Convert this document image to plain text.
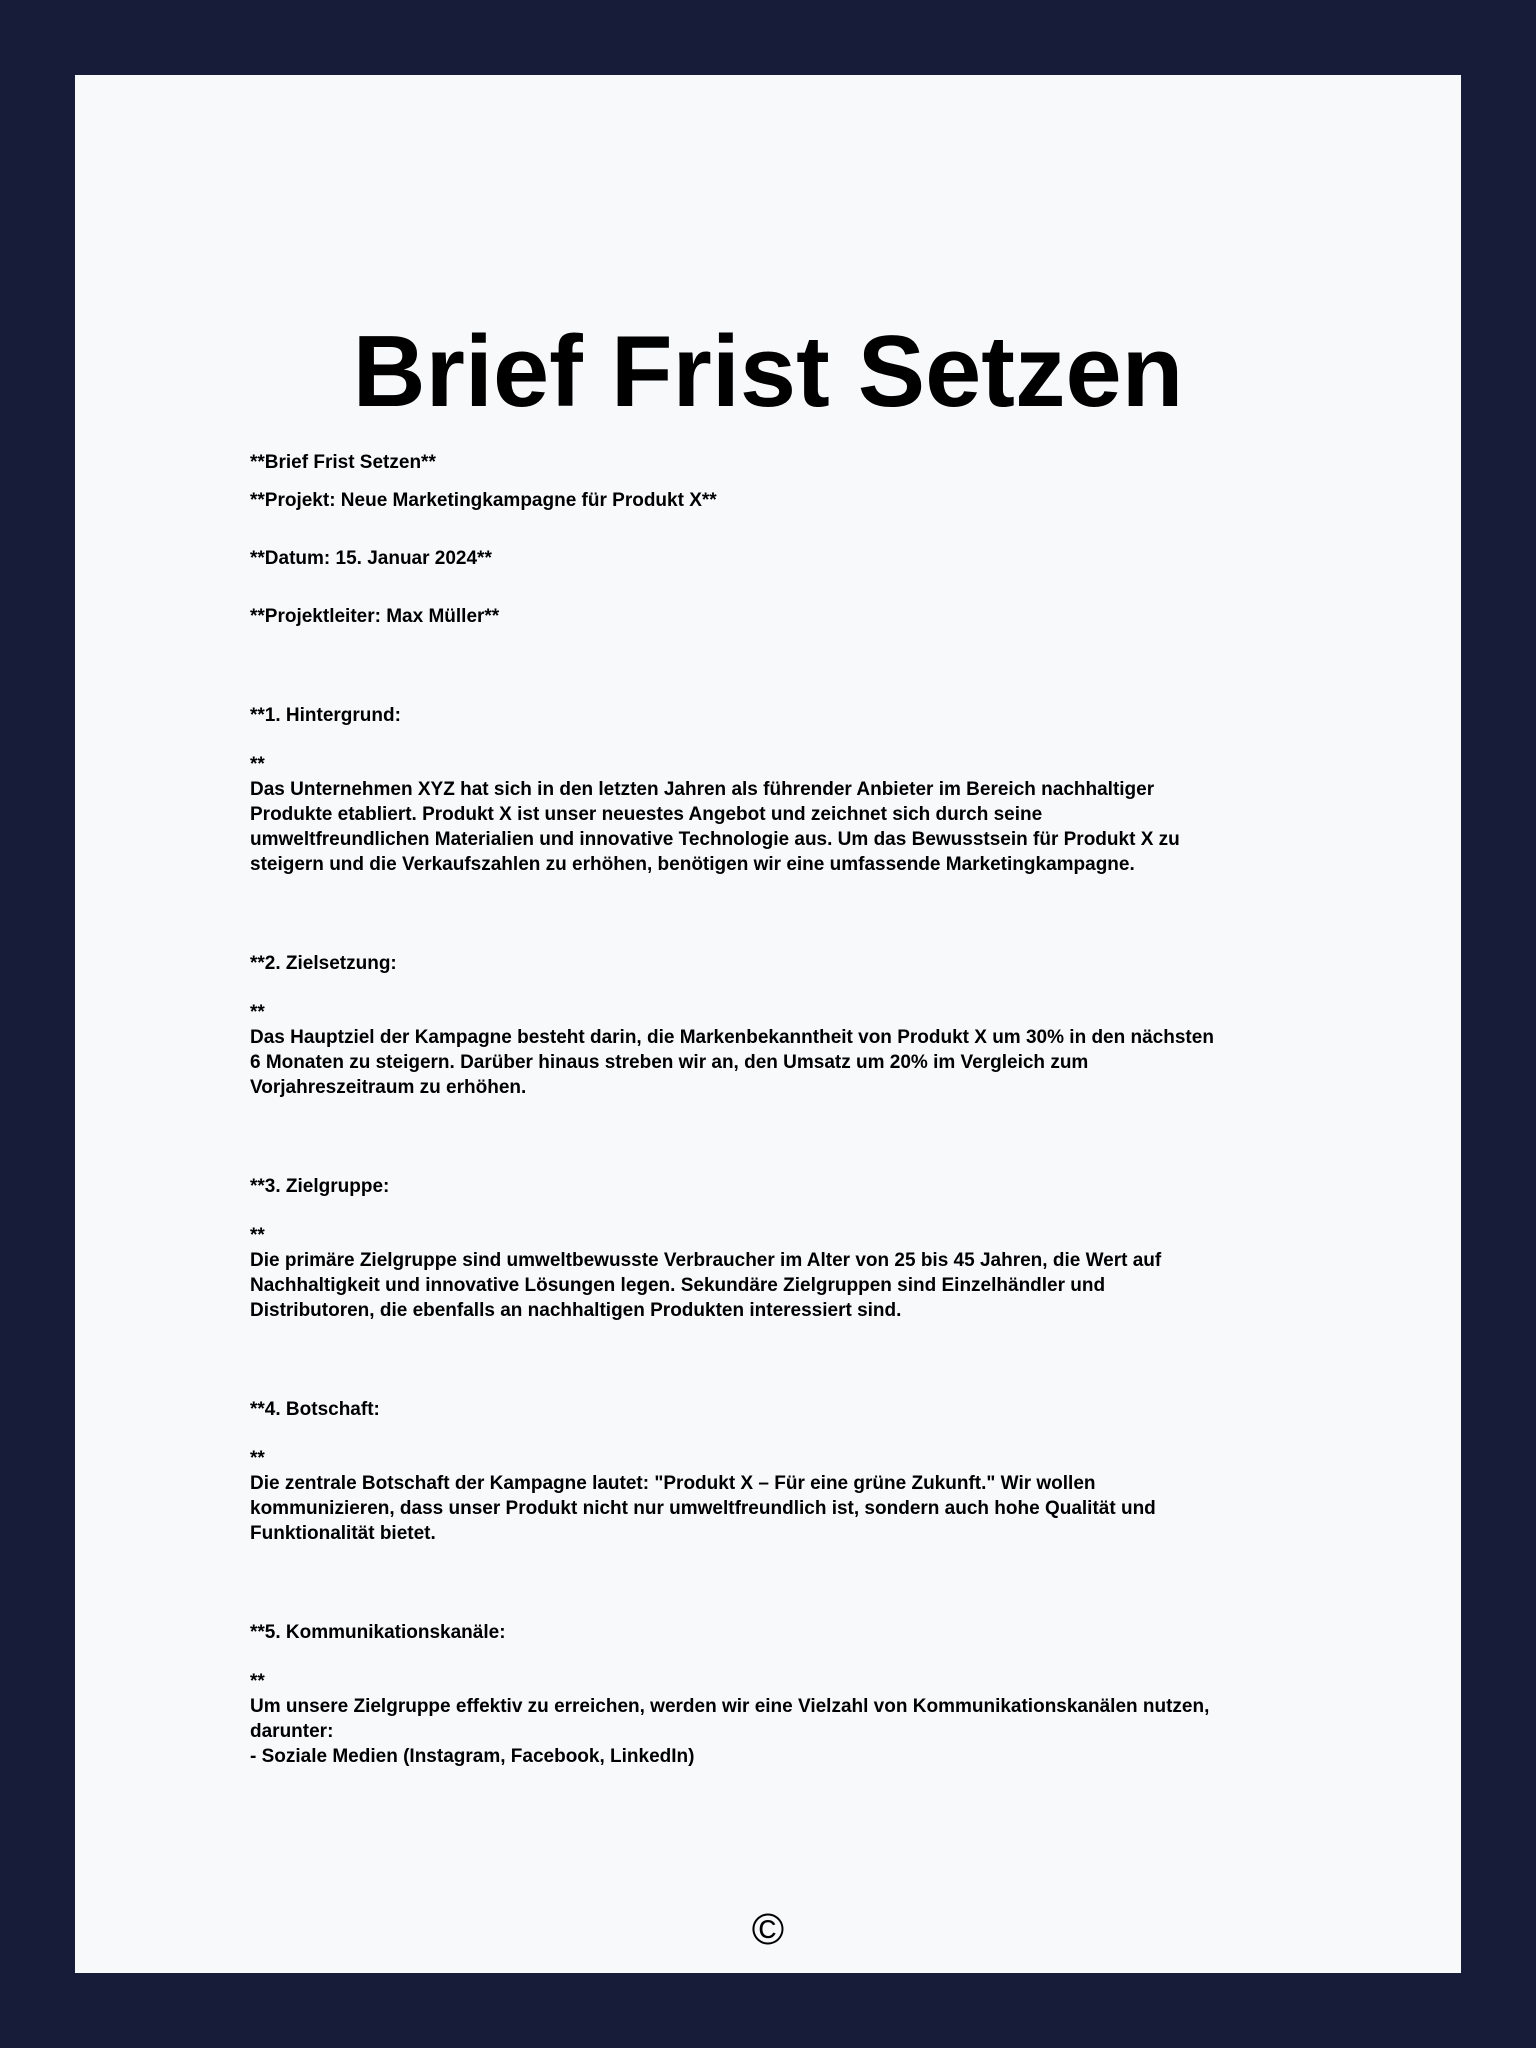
Brief Frist Setzen

**Brief Frist Setzen**

**Projekt: Neue Marketingkampagne für Produkt X**

**Datum: 15. Januar 2024**

**Projektleiter: Max Müller**

**1. Hintergrund:

**

Das Unternehmen XYZ hat sich in den letzten Jahren als führender Anbieter im Bereich nachhaltiger
Produkte etabliert. Produkt X ist unser neuestes Angebot und zeichnet sich durch seine
umweltfreundlichen Materialien und innovative Technologie aus. Um das Bewusstsein für Produkt X zu
steigern und die Verkaufszahlen zu erhöhen, benötigen wir eine umfassende Marketingkampagne.

**2. Zielsetzung:

**

Das Hauptziel der Kampagne besteht darin, die Markenbekanntheit von Produkt X um 30% in den nächsten
6 Monaten zu steigern. Darüber hinaus streben wir an, den Umsatz um 20% im Vergleich zum
Vorjahreszeitraum zu erhöhen.

**3. Zielgruppe:

**

Die primäre Zielgruppe sind umweltbewusste Verbraucher im Alter von 25 bis 45 Jahren, die Wert auf
Nachhaltigkeit und innovative Lösungen legen. Sekundäre Zielgruppen sind Einzelhändler und
Distributoren, die ebenfalls an nachhaltigen Produkten interessiert sind.

**4. Botschaft:

**

Die zentrale Botschaft der Kampagne lautet: "Produkt X – Für eine grüne Zukunft." Wir wollen
kommunizieren, dass unser Produkt nicht nur umweltfreundlich ist, sondern auch hohe Qualität und
Funktionalität bietet.

**5. Kommunikationskanäle:

**

Um unsere Zielgruppe effektiv zu erreichen, werden wir eine Vielzahl von Kommunikationskanälen nutzen,
darunter:
- Soziale Medien (Instagram, Facebook, LinkedIn)

©
